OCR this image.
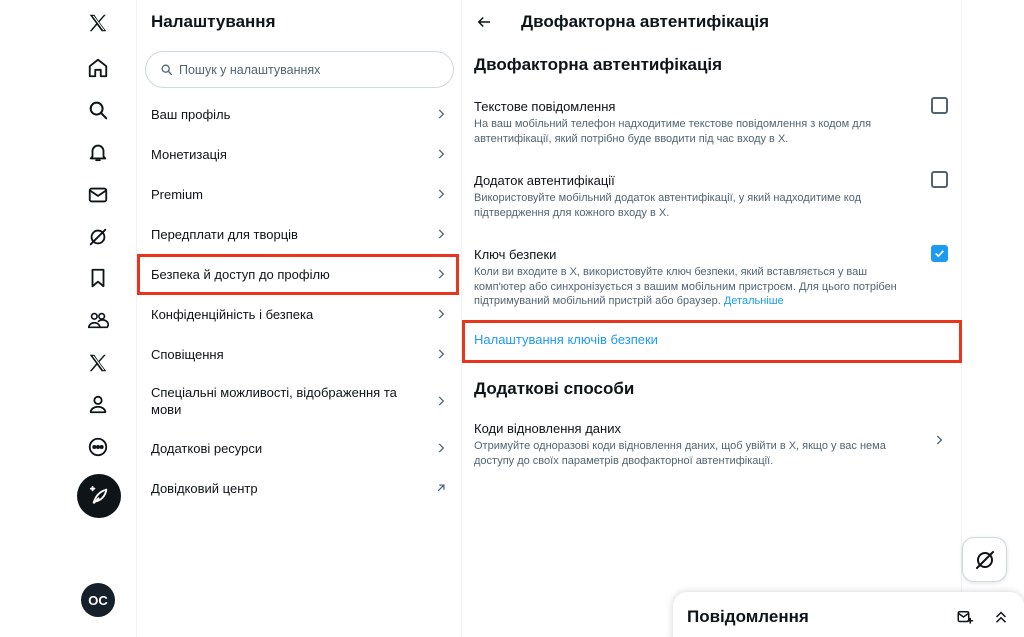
OC
Налаштування
Пошук у налаштуваннях
Ваш профіль
Монетизація
Premium
Передплати для творців
Безпека й доступ до профілю
Конфіденційність і безпека
Сповіщення
Спеціальні можливості, відображення та мови
Додаткові ресурси
Довідковий центр
Двофакторна автентифікація
Двофакторна автентифікація
Текстове повідомлення
На ваш мобільний телефон надходитиме текстове повідомлення з кодом для автентифікації, який потрібно буде вводити під час входу в X.
Додаток автентифікації
Використовуйте мобільний додаток автентифікації, у який надходитиме код підтвердження для кожного входу в X.
Ключ безпеки
Коли ви входите в X, використовуйте ключ безпеки, який вставляється у ваш комп'ютер або синхронізується з вашим мобільним пристроєм. Для цього потрібен підтримуваний мобільний пристрій або браузер. Детальніше
Налаштування ключів безпеки
Додаткові способи
Коди відновлення даних
Отримуйте одноразові коди відновлення даних, щоб увійти в X, якщо у вас нема доступу до своїх параметрів двофакторної автентифікації.
Повідомлення
